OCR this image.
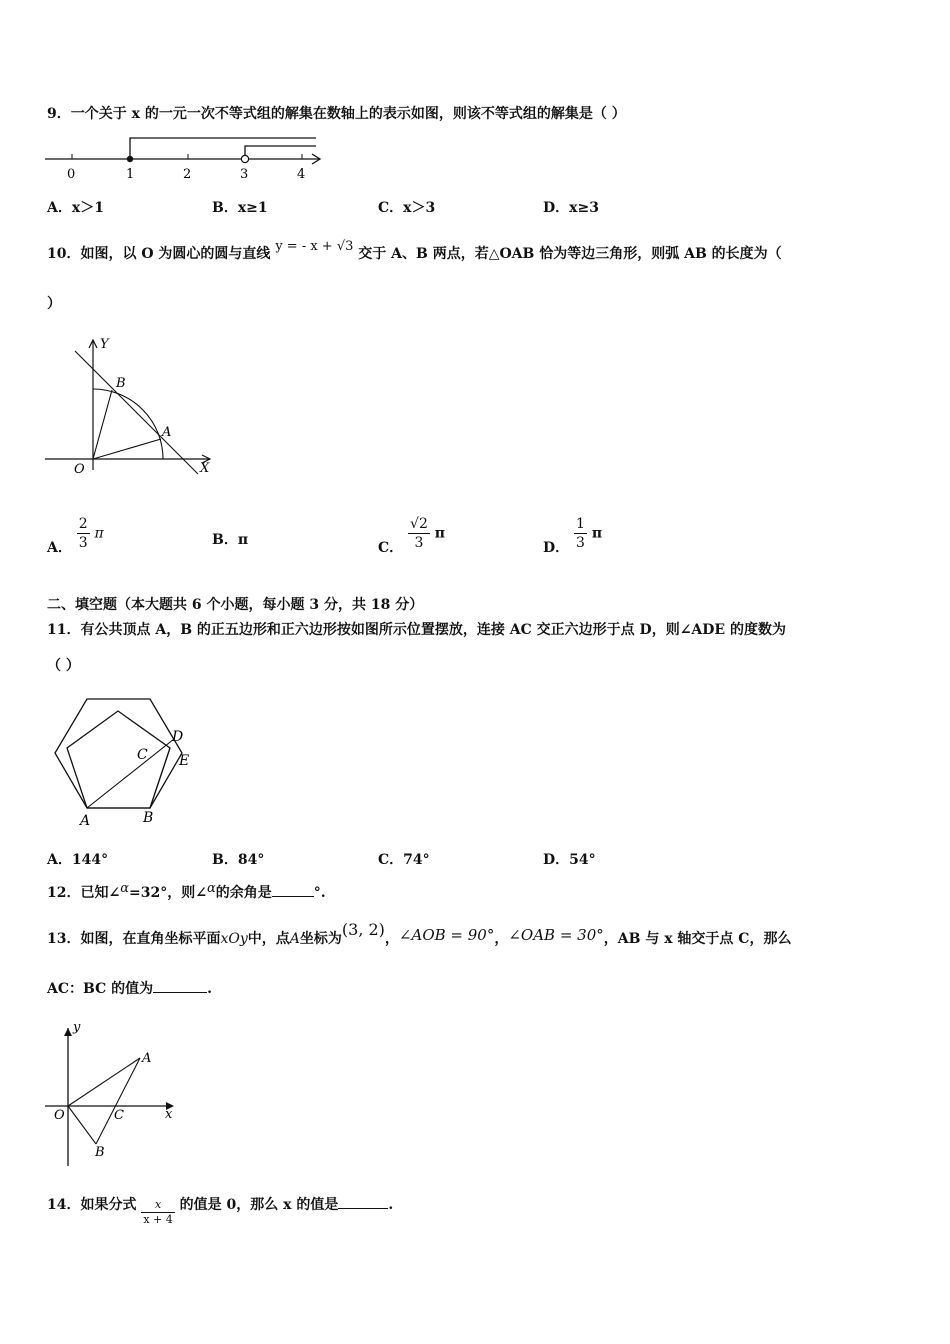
9．一个关于 x 的一元一次不等式组的解集在数轴上的表示如图，则该不等式组的解集是（ ）
0	1	2	3	4
A．x＞1	B．x≥1	C．x＞3	D．x≥3
10．如图，以 O 为圆心的圆与直线 y = - x + √3 交于 A、B 两点，若△OAB 恰为等边三角形，则弧 AB 的长度为（
）
Y
X
O
A
B
A． $\frac{2}{3}$ π	B．π	C． $\frac{√2}{3}$ π
D． $\frac{1}{3}$ π
二、填空题（本大题共 6 个小题，每小题 3 分，共 18 分）
11．有公共顶点 A，B 的正五边形和正六边形按如图所示位置摆放，连接 AC 交正六边形于点 D，则∠ADE 的度数为
（ ）
A	B
C
D
E
A．144°	B．84°	C．74°	D．54°
12．已知∠α=32°，则∠α的余角是	°.
13．如图，在直角坐标平面xOy中，点A坐标为(3, 2)，∠AOB = 90°，∠OAB = 30°，AB 与 x 轴交于点 C，那么
AC：BC 的值为	.
y
x
O
A
B
C
14．如果分式 $\frac{x}{x + 4}$ 的值是 0，那么 x 的值是	.
